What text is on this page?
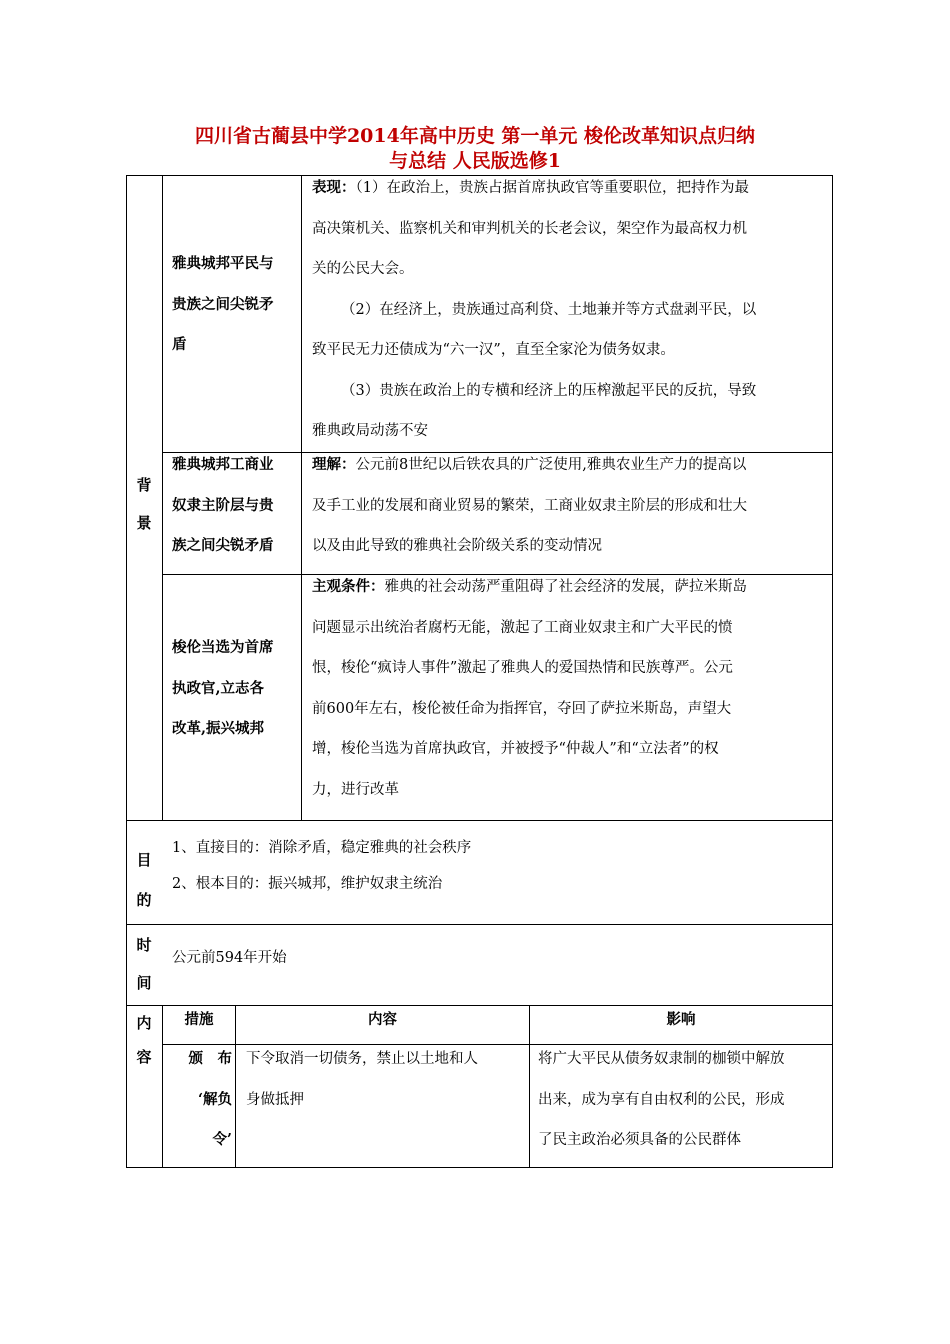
四川省古蔺县中学2014年高中历史 第一单元 梭伦改革知识点归纳
与总结 人民版选修1
背
景

雅典城邦平民与

贵族之间尖锐矛

盾

表现：（1）在政治上，贵族占据首席执政官等重要职位，把持作为最

高决策机关、监察机关和审判机关的长老会议，架空作为最高权力机

关的公民大会。

（2）在经济上，贵族通过高利贷、土地兼并等方式盘剥平民，以

致平民无力还债成为“六一汉”，直至全家沦为债务奴隶。

（3）贵族在政治上的专横和经济上的压榨激起平民的反抗，导致

雅典政局动荡不安

雅典城邦工商业

奴隶主阶层与贵

族之间尖锐矛盾

理解：公元前8世纪以后铁农具的广泛使用,雅典农业生产力的提高以

及手工业的发展和商业贸易的繁荣，工商业奴隶主阶层的形成和壮大

以及由此导致的雅典社会阶级关系的变动情况

梭伦当选为首席

执政官,立志各

改革,振兴城邦

主观条件：雅典的社会动荡严重阻碍了社会经济的发展，萨拉米斯岛

问题显示出统治者腐朽无能，激起了工商业奴隶主和广大平民的愤

恨，梭伦“疯诗人事件”激起了雅典人的爱国热情和民族尊严。公元

前600年左右，梭伦被任命为指挥官，夺回了萨拉米斯岛，声望大

增，梭伦当选为首席执政官，并被授予“仲裁人”和“立法者”的权

力，进行改革

目
的

1、直接目的：消除矛盾，稳定雅典的社会秩序

2、根本目的：振兴城邦，维护奴隶主统治

时
间
公元前594年开始
内
容
措施	内容	影响

颁　布

‘解负

令’

下令取消一切债务，禁止以土地和人

身做抵押

将广大平民从债务奴隶制的枷锁中解放

出来，成为享有自由权利的公民，形成

了民主政治必须具备的公民群体
